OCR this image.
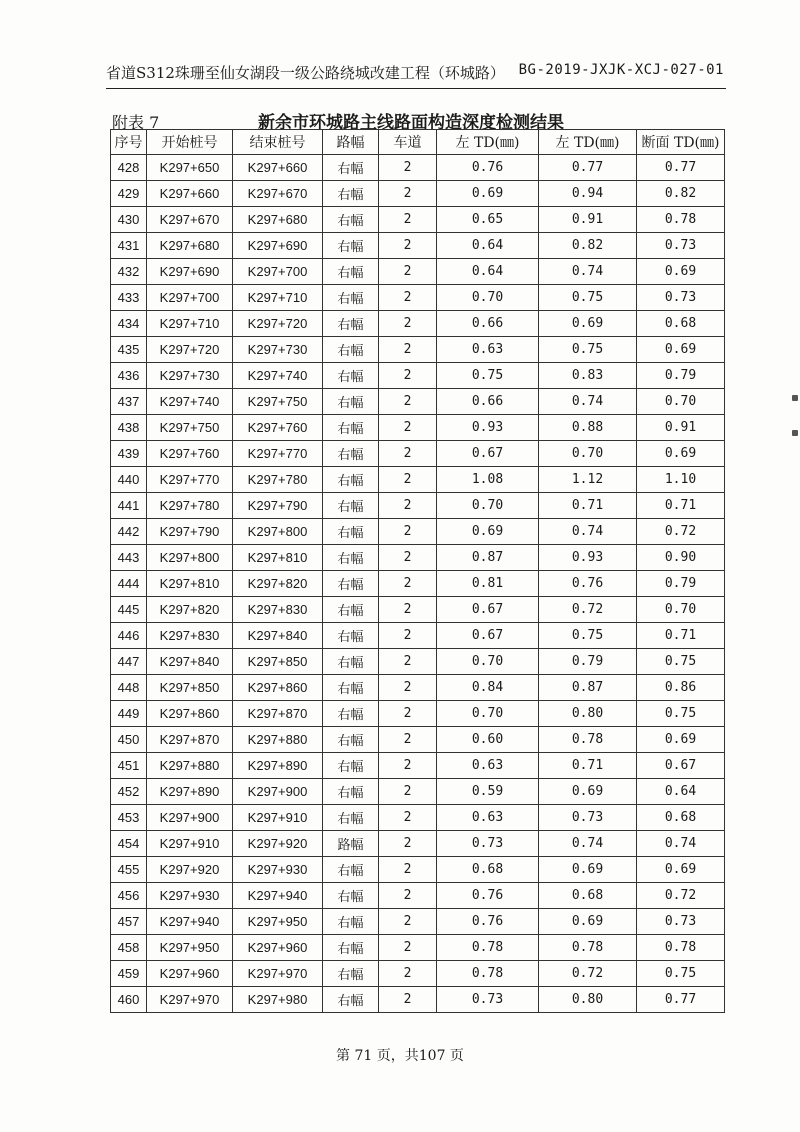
省道S312珠珊至仙女湖段一级公路绕城改建工程（环城路） BG-2019-JXJK-XCJ-027-01
附表 7	新余市环城路主线路面构造深度检测结果
序号	开始桩号	结束桩号	路幅	车道	左 TD(㎜)	左 TD(㎜)	断面 TD(㎜)
428	K297+650	K297+660	右幅	2	0.76	0.77	0.77
429	K297+660	K297+670	右幅	2	0.69	0.94	0.82
430	K297+670	K297+680	右幅	2	0.65	0.91	0.78
431	K297+680	K297+690	右幅	2	0.64	0.82	0.73
432	K297+690	K297+700	右幅	2	0.64	0.74	0.69
433	K297+700	K297+710	右幅	2	0.70	0.75	0.73
434	K297+710	K297+720	右幅	2	0.66	0.69	0.68
435	K297+720	K297+730	右幅	2	0.63	0.75	0.69
436	K297+730	K297+740	右幅	2	0.75	0.83	0.79
437	K297+740	K297+750	右幅	2	0.66	0.74	0.70
438	K297+750	K297+760	右幅	2	0.93	0.88	0.91
439	K297+760	K297+770	右幅	2	0.67	0.70	0.69
440	K297+770	K297+780	右幅	2	1.08	1.12	1.10
441	K297+780	K297+790	右幅	2	0.70	0.71	0.71
442	K297+790	K297+800	右幅	2	0.69	0.74	0.72
443	K297+800	K297+810	右幅	2	0.87	0.93	0.90
444	K297+810	K297+820	右幅	2	0.81	0.76	0.79
445	K297+820	K297+830	右幅	2	0.67	0.72	0.70
446	K297+830	K297+840	右幅	2	0.67	0.75	0.71
447	K297+840	K297+850	右幅	2	0.70	0.79	0.75
448	K297+850	K297+860	右幅	2	0.84	0.87	0.86
449	K297+860	K297+870	右幅	2	0.70	0.80	0.75
450	K297+870	K297+880	右幅	2	0.60	0.78	0.69
451	K297+880	K297+890	右幅	2	0.63	0.71	0.67
452	K297+890	K297+900	右幅	2	0.59	0.69	0.64
453	K297+900	K297+910	右幅	2	0.63	0.73	0.68
454	K297+910	K297+920	路幅	2	0.73	0.74	0.74
455	K297+920	K297+930	右幅	2	0.68	0.69	0.69
456	K297+930	K297+940	右幅	2	0.76	0.68	0.72
457	K297+940	K297+950	右幅	2	0.76	0.69	0.73
458	K297+950	K297+960	右幅	2	0.78	0.78	0.78
459	K297+960	K297+970	右幅	2	0.78	0.72	0.75
460	K297+970	K297+980	右幅	2	0.73	0.80	0.77
第 71 页，共107 页
